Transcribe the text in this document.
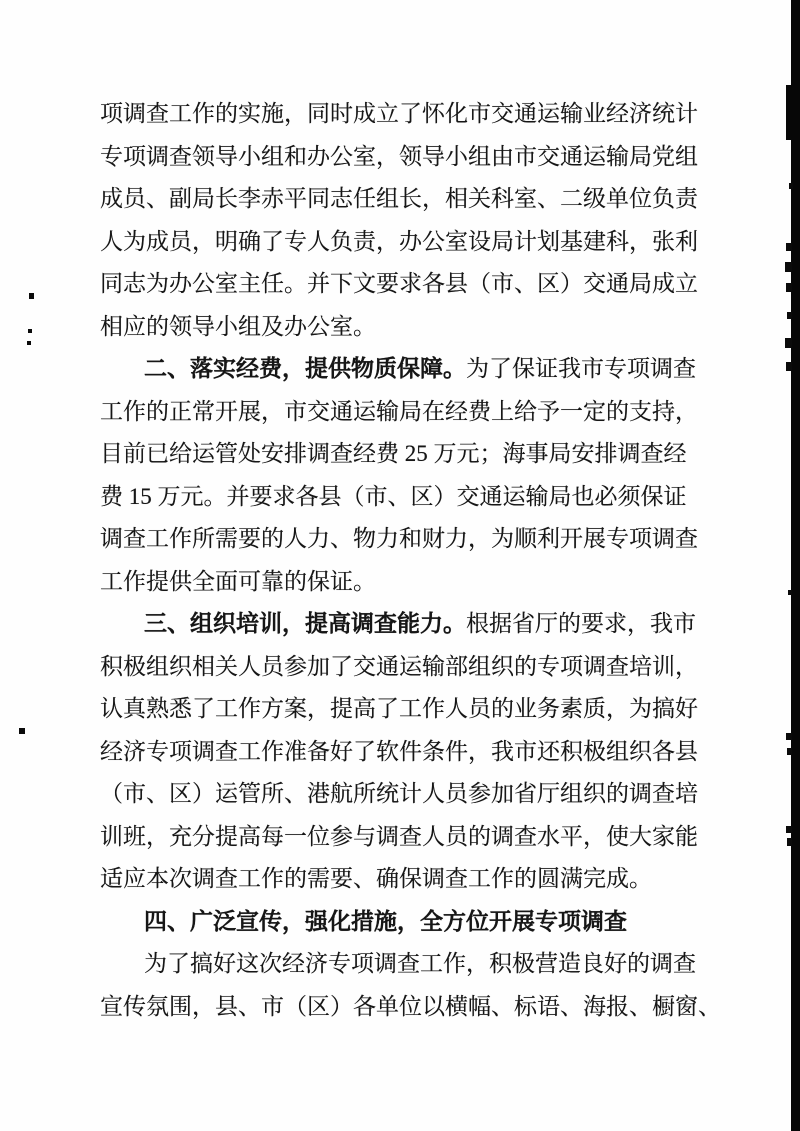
项调查工作的实施，同时成立了怀化市交通运输业经济统计
专项调查领导小组和办公室，领导小组由市交通运输局党组
成员、副局长李赤平同志任组长，相关科室、二级单位负责
人为成员，明确了专人负责，办公室设局计划基建科，张利
同志为办公室主任。并下文要求各县（市、区）交通局成立
相应的领导小组及办公室。
二、落实经费，提供物质保障。为了保证我市专项调查
工作的正常开展，市交通运输局在经费上给予一定的支持，
目前已给运管处安排调查经费 25 万元；海事局安排调查经
费 15 万元。并要求各县（市、区）交通运输局也必须保证
调查工作所需要的人力、物力和财力，为顺利开展专项调查
工作提供全面可靠的保证。
三、组织培训，提高调查能力。根据省厅的要求，我市
积极组织相关人员参加了交通运输部组织的专项调查培训，
认真熟悉了工作方案，提高了工作人员的业务素质，为搞好
经济专项调查工作准备好了软件条件，我市还积极组织各县
（市、区）运管所、港航所统计人员参加省厅组织的调查培
训班，充分提高每一位参与调查人员的调查水平，使大家能
适应本次调查工作的需要、确保调查工作的圆满完成。
四、广泛宣传，强化措施，全方位开展专项调查
为了搞好这次经济专项调查工作，积极营造良好的调查
宣传氛围，县、市（区）各单位以横幅、标语、海报、橱窗、
